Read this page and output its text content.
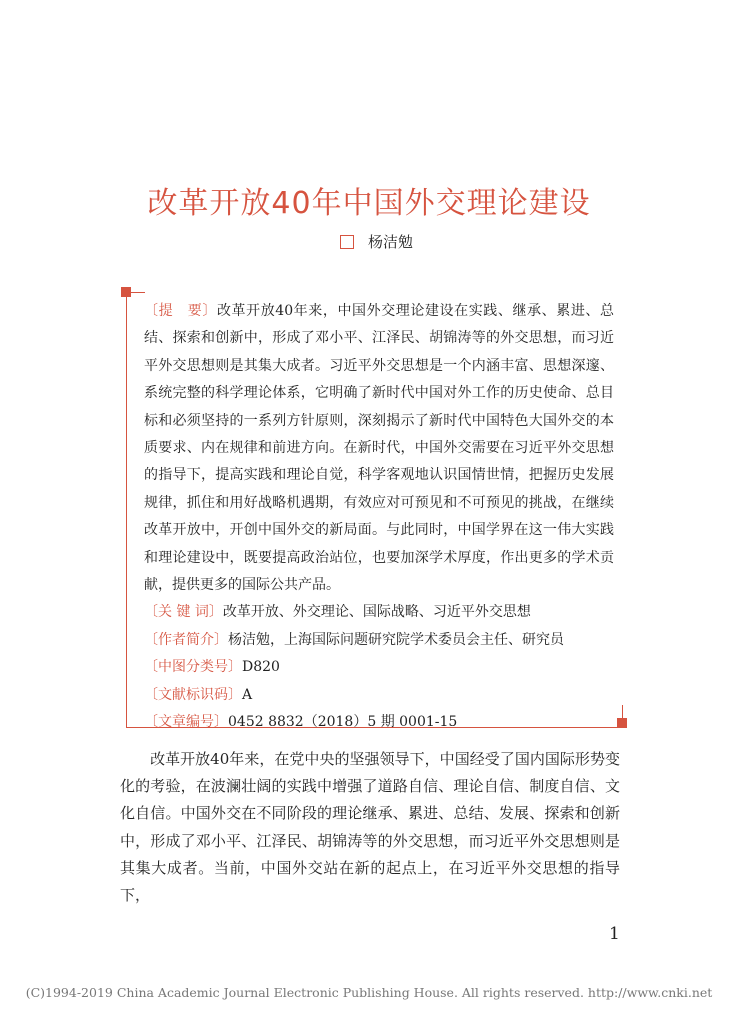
改革开放40年中国外交理论建设
杨洁勉

〔提　要〕改革开放40年来，中国外交理论建设在实践、继承、累进、总结、探索和创新中，形成了邓小平、江泽民、胡锦涛等的外交思想，而习近平外交思想则是其集大成者。习近平外交思想是一个内涵丰富、思想深邃、系统完整的科学理论体系，它明确了新时代中国对外工作的历史使命、总目标和必须坚持的一系列方针原则，深刻揭示了新时代中国特色大国外交的本质要求、内在规律和前进方向。在新时代，中国外交需要在习近平外交思想的指导下，提高实践和理论自觉，科学客观地认识国情世情，把握历史发展规律，抓住和用好战略机遇期，有效应对可预见和不可预见的挑战，在继续改革开放中，开创中国外交的新局面。与此同时，中国学界在这一伟大实践和理论建设中，既要提高政治站位，也要加深学术厚度，作出更多的学术贡献，提供更多的国际公共产品。

〔关 键 词〕改革开放、外交理论、国际战略、习近平外交思想

〔作者简介〕杨洁勉，上海国际问题研究院学术委员会主任、研究员

〔中图分类号〕D820

〔文献标识码〕A

〔文章编号〕0452 8832（2018）5 期 0001-15

　　改革开放40年来，在党中央的坚强领导下，中国经受了国内国际形势变化的考验，在波澜壮阔的实践中增强了道路自信、理论自信、制度自信、文化自信。中国外交在不同阶段的理论继承、累进、总结、发展、探索和创新中，形成了邓小平、江泽民、胡锦涛等的外交思想，而习近平外交思想则是其集大成者。当前，中国外交站在新的起点上，在习近平外交思想的指导下，

1
(C)1994-2019 China Academic Journal Electronic Publishing House. All rights reserved. http://www.cnki.net
